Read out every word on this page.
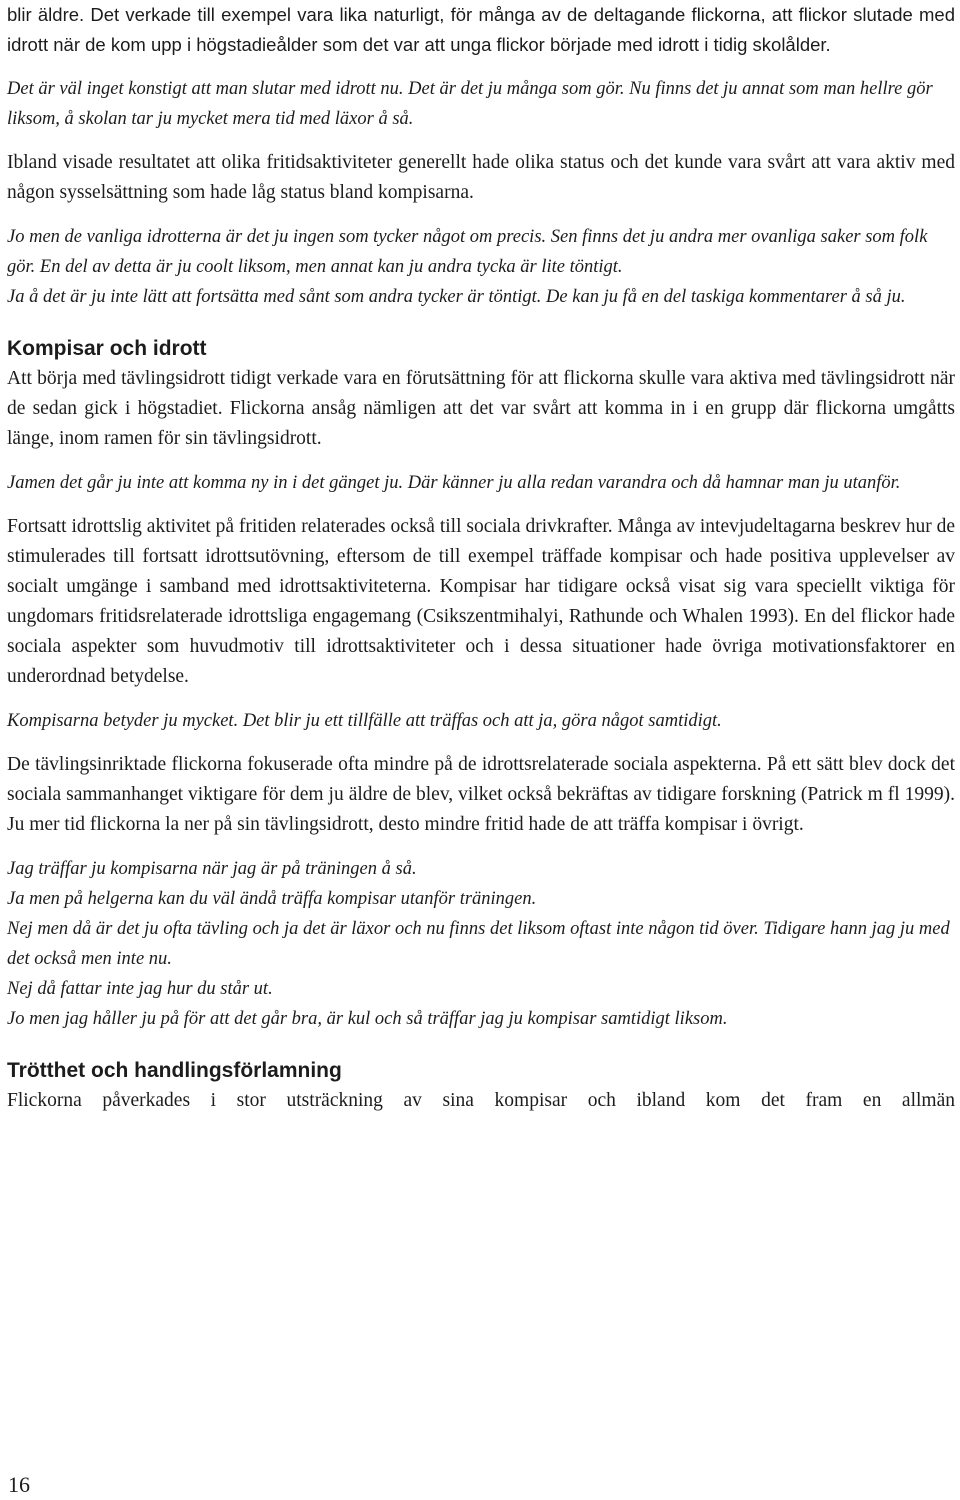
blir äldre. Det verkade till exempel vara lika naturligt, för många av de deltagande flickorna, att flickor slutade med idrott när de kom upp i högstadieålder som det var att unga flickor började med idrott i tidig skolålder.

Det är väl inget konstigt att man slutar med idrott nu. Det är det ju många som gör. Nu finns det ju annat som man hellre gör liksom, å skolan tar ju mycket mera tid med läxor å så.

Ibland visade resultatet att olika fritidsaktiviteter generellt hade olika status och det kunde vara svårt att vara aktiv med någon sysselsättning som hade låg status bland kompisarna.

Jo men de vanliga idrotterna är det ju ingen som tycker något om precis. Sen finns det ju andra mer ovanliga saker som folk gör. En del av detta är ju coolt liksom, men annat kan ju andra tycka är lite töntigt.

Ja å det är ju inte lätt att fortsätta med sånt som andra tycker är töntigt. De kan ju få en del taskiga kommentarer å så ju.

Kompisar och idrott

Att börja med tävlingsidrott tidigt verkade vara en förutsättning för att flickorna skulle vara aktiva med tävlingsidrott när de sedan gick i högstadiet. Flickorna ansåg nämligen att det var svårt att komma in i en grupp där flickorna umgåtts länge, inom ramen för sin tävlingsidrott.

Jamen det går ju inte att komma ny in i det gänget ju. Där känner ju alla redan varandra och då hamnar man ju utanför.

Fortsatt idrottslig aktivitet på fritiden relaterades också till sociala drivkrafter. Många av intevjudeltagarna beskrev hur de stimulerades till fortsatt idrottsutövning, eftersom de till exempel träffade kompisar och hade positiva upplevelser av socialt umgänge i samband med idrottsaktiviteterna. Kompisar har tidigare också visat sig vara speciellt viktiga för ungdomars fritidsrelaterade idrottsliga engagemang (Csikszentmihalyi, Rathunde och Whalen 1993). En del flickor hade sociala aspekter som huvudmotiv till idrottsaktiviteter och i dessa situationer hade övriga motivationsfaktorer en underordnad betydelse.

Kompisarna betyder ju mycket. Det blir ju ett tillfälle att träffas och att ja, göra något samtidigt.

De tävlingsinriktade flickorna fokuserade ofta mindre på de idrottsrelaterade sociala aspekterna. På ett sätt blev dock det sociala sammanhanget viktigare för dem ju äldre de blev, vilket också bekräftas av tidigare forskning (Patrick m fl 1999). Ju mer tid flickorna la ner på sin tävlingsidrott, desto mindre fritid hade de att träffa kompisar i övrigt.

Jag träffar ju kompisarna när jag är på träningen å så.

Ja men på helgerna kan du väl ändå träffa kompisar utanför träningen.

Nej men då är det ju ofta tävling och ja det är läxor och nu finns det liksom oftast inte någon tid över. Tidigare hann jag ju med det också men inte nu.

Nej då fattar inte jag hur du står ut.

Jo men jag håller ju på för att det går bra, är kul och så träffar jag ju kompisar samtidigt liksom.

Trötthet och handlingsförlamning

Flickorna påverkades i stor utsträckning av sina kompisar och ibland kom det fram en allmän

16
